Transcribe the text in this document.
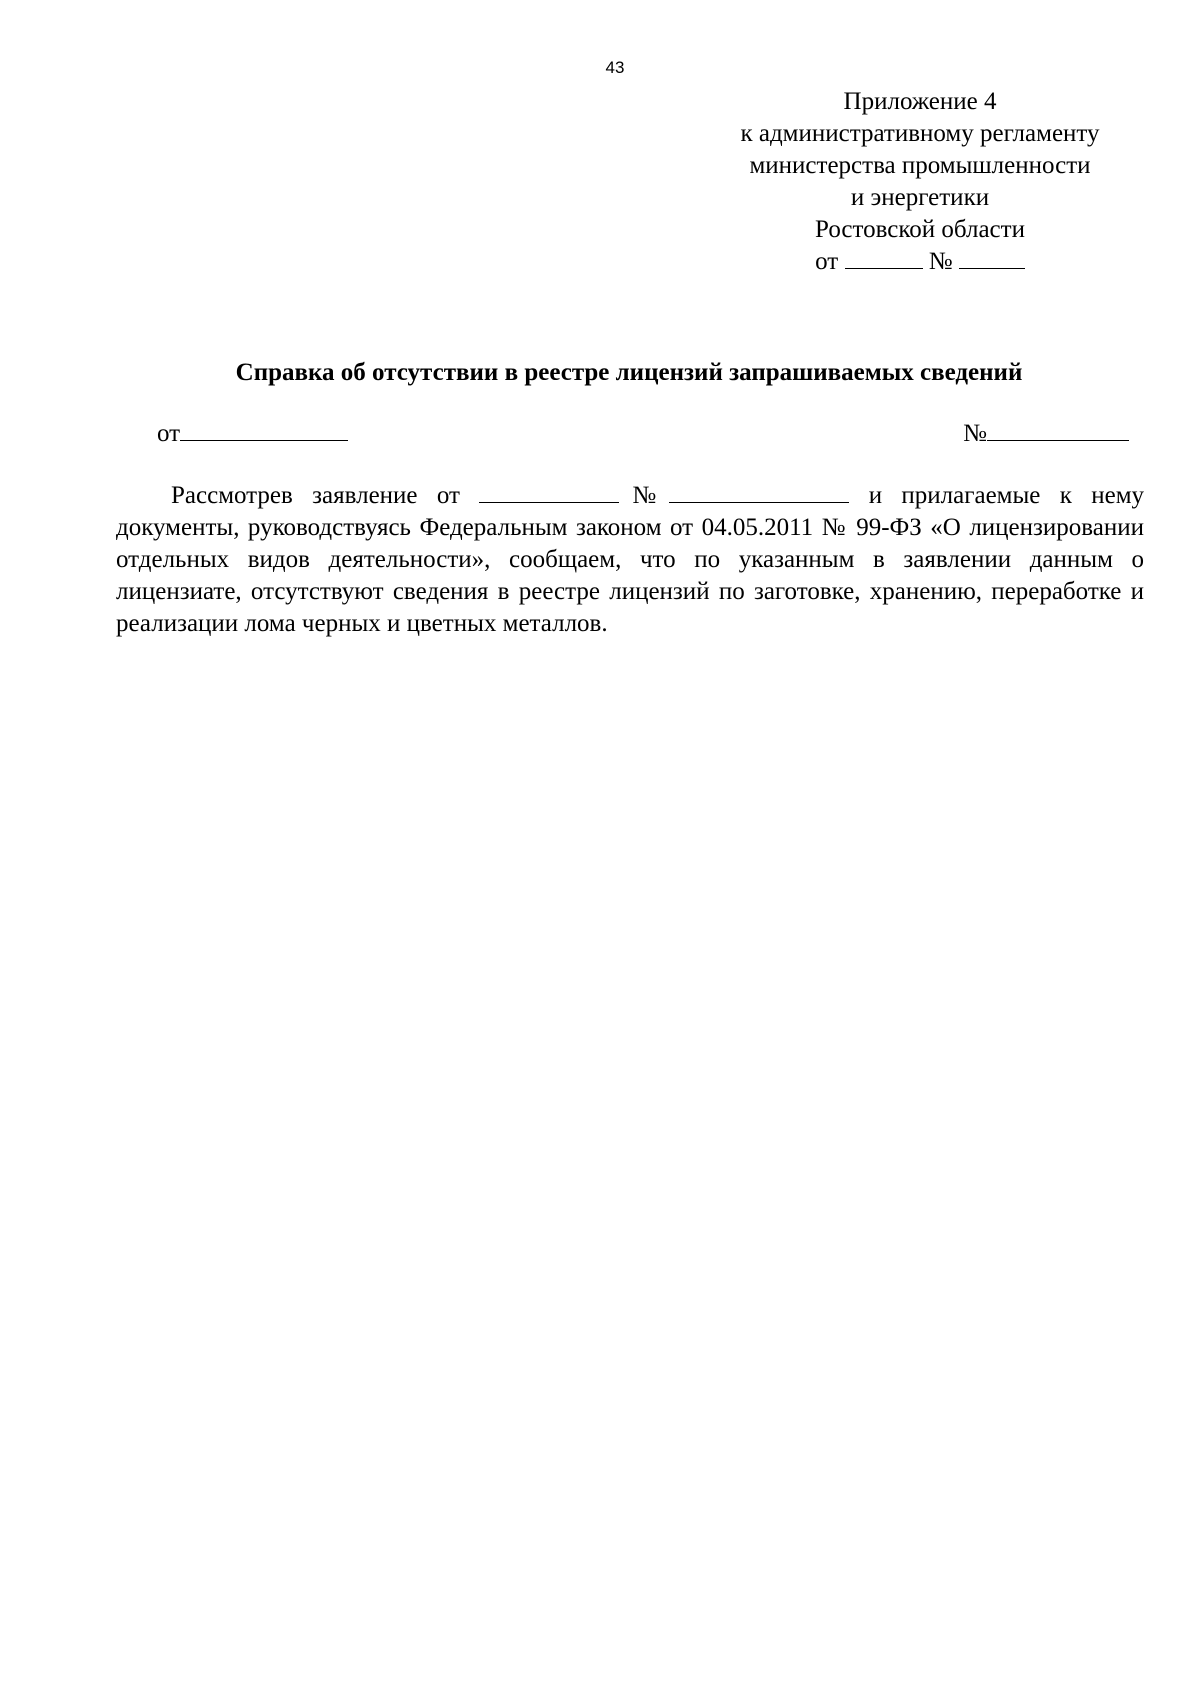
43
Приложение 4
к административному регламенту
министерства промышленности
и энергетики
Ростовской области
от	№
Справка об отсутствии в реестре лицензий запрашиваемых сведений
от	№

Рассмотрев заявление от	№	и прилагаемые к нему документы, руководствуясь Федеральным законом от 04.05.2011 № 99-ФЗ «О лицензировании отдельных видов деятельности», сообщаем, что по указанным в заявлении данным о лицензиате, отсутствуют сведения в реестре лицензий по заготовке, хранению, переработке и реализации лома черных и цветных металлов.
